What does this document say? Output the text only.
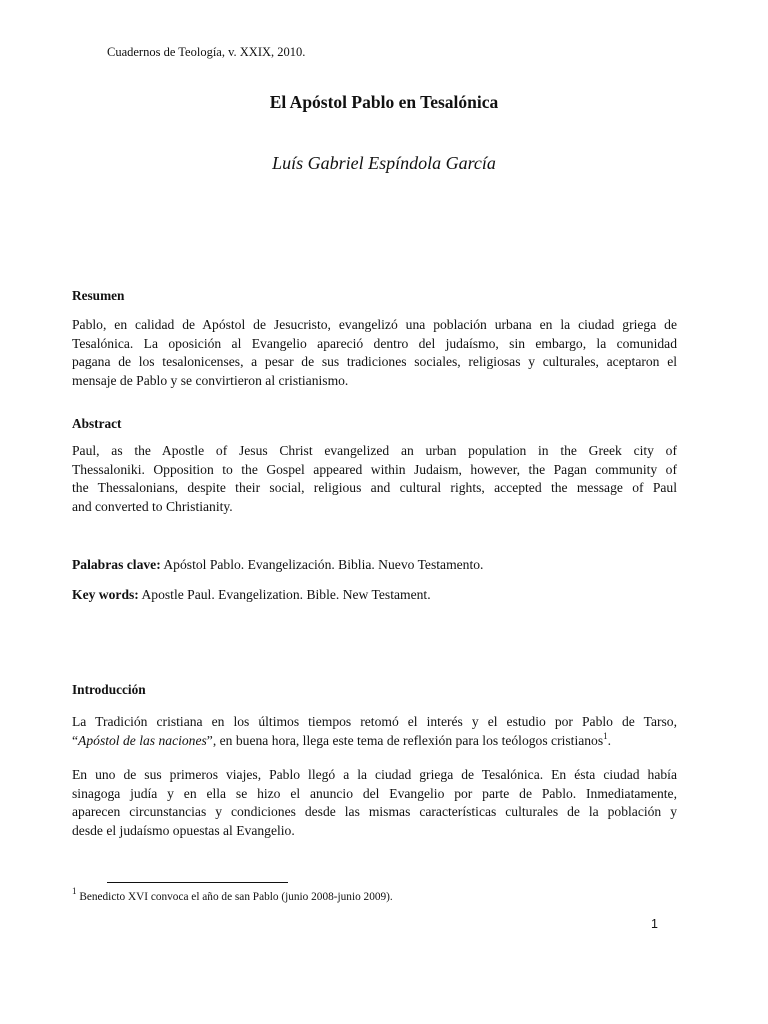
Cuadernos de Teología, v. XXIX, 2010.
El Apóstol Pablo en Tesalónica
Luís Gabriel Espíndola García
Resumen
Pablo, en calidad de Apóstol de Jesucristo, evangelizó una población urbana en la ciudad griega de
Tesalónica. La oposición al Evangelio apareció dentro del judaísmo, sin embargo, la comunidad
pagana de los tesalonicenses, a pesar de sus tradiciones sociales, religiosas y culturales, aceptaron el
mensaje de Pablo y se convirtieron al cristianismo.
Abstract
Paul, as the Apostle of Jesus Christ evangelized an urban population in the Greek city of
Thessaloniki. Opposition to the Gospel appeared within Judaism, however, the Pagan community of
the Thessalonians, despite their social, religious and cultural rights, accepted the message of Paul
and converted to Christianity.
Palabras clave: Apóstol Pablo. Evangelización. Biblia. Nuevo Testamento.
Key words: Apostle Paul. Evangelization. Bible. New Testament.
Introducción
La Tradición cristiana en los últimos tiempos retomó el interés y el estudio por Pablo de Tarso,
“Apóstol de las naciones”, en buena hora, llega este tema de reflexión para los teólogos cristianos$^1$.
En uno de sus primeros viajes, Pablo llegó a la ciudad griega de Tesalónica. En ésta ciudad había
sinagoga judía y en ella se hizo el anuncio del Evangelio por parte de Pablo. Inmediatamente,
aparecen circunstancias y condiciones desde las mismas características culturales de la población y
desde el judaísmo opuestas al Evangelio.
$^1$ Benedicto XVI convoca el año de san Pablo (junio 2008-junio 2009).
1
